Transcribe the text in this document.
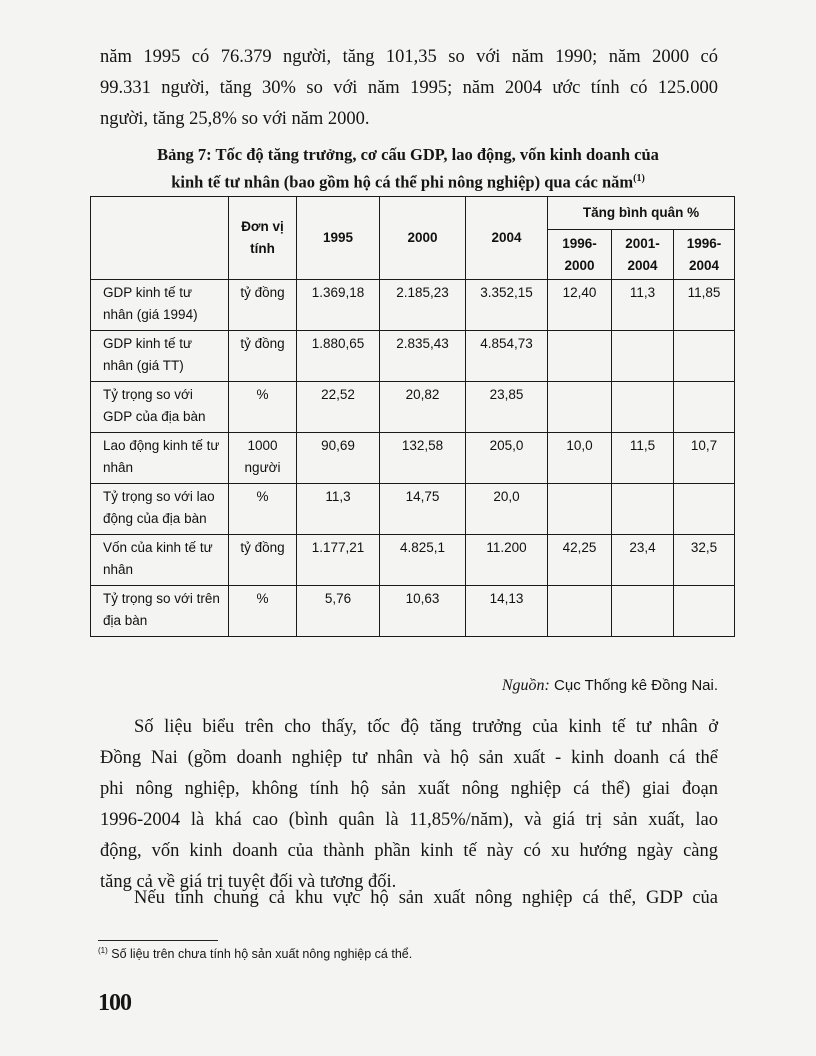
năm 1995 có 76.379 người, tăng 101,35 so với năm 1990; năm 2000 có
99.331 người, tăng 30% so với năm 1995; năm 2004 ước tính có 125.000
người, tăng 25,8% so với năm 2000.
Bảng 7: Tốc độ tăng trưởng, cơ cấu GDP, lao động, vốn kinh doanh của
kinh tế tư nhân (bao gồm hộ cá thể phi nông nghiệp) qua các năm$^{(1)}$
	Đơn vị tính	1995	2000	2004	Tăng bình quân %		
					1996-2000	2001-2004	1996-2004
GDP kinh tế tư nhân (giá 1994)	tỷ đồng	1.369,18	2.185,23	3.352,15	12,40	11,3	11,85
GDP kinh tế tư nhân (giá TT)	tỷ đồng	1.880,65	2.835,43	4.854,73			
Tỷ trọng so với GDP của địa bàn	%	22,52	20,82	23,85			
Lao động kinh tế tư nhân	1000 người	90,69	132,58	205,0	10,0	11,5	10,7
Tỷ trọng so với lao động của địa bàn	%	11,3	14,75	20,0			
Vốn của kinh tế tư nhân	tỷ đồng	1.177,21	4.825,1	11.200	42,25	23,4	32,5
Tỷ trọng so với trên địa bàn	%	5,76	10,63	14,13			
Nguồn: Cục Thống kê Đồng Nai.
Số liệu biểu trên cho thấy, tốc độ tăng trưởng của kinh tế tư nhân ở
Đồng Nai (gồm doanh nghiệp tư nhân và hộ sản xuất - kinh doanh cá thể
phi nông nghiệp, không tính hộ sản xuất nông nghiệp cá thể) giai đoạn
1996-2004 là khá cao (bình quân là 11,85%/năm), và giá trị sản xuất, lao
động, vốn kinh doanh của thành phần kinh tế này có xu hướng ngày càng
tăng cả về giá trị tuyệt đối và tương đối.
Nếu tính chung cả khu vực hộ sản xuất nông nghiệp cá thể, GDP của
$^{(1)}$ Số liệu trên chưa tính hộ sản xuất nông nghiệp cá thể.
100
